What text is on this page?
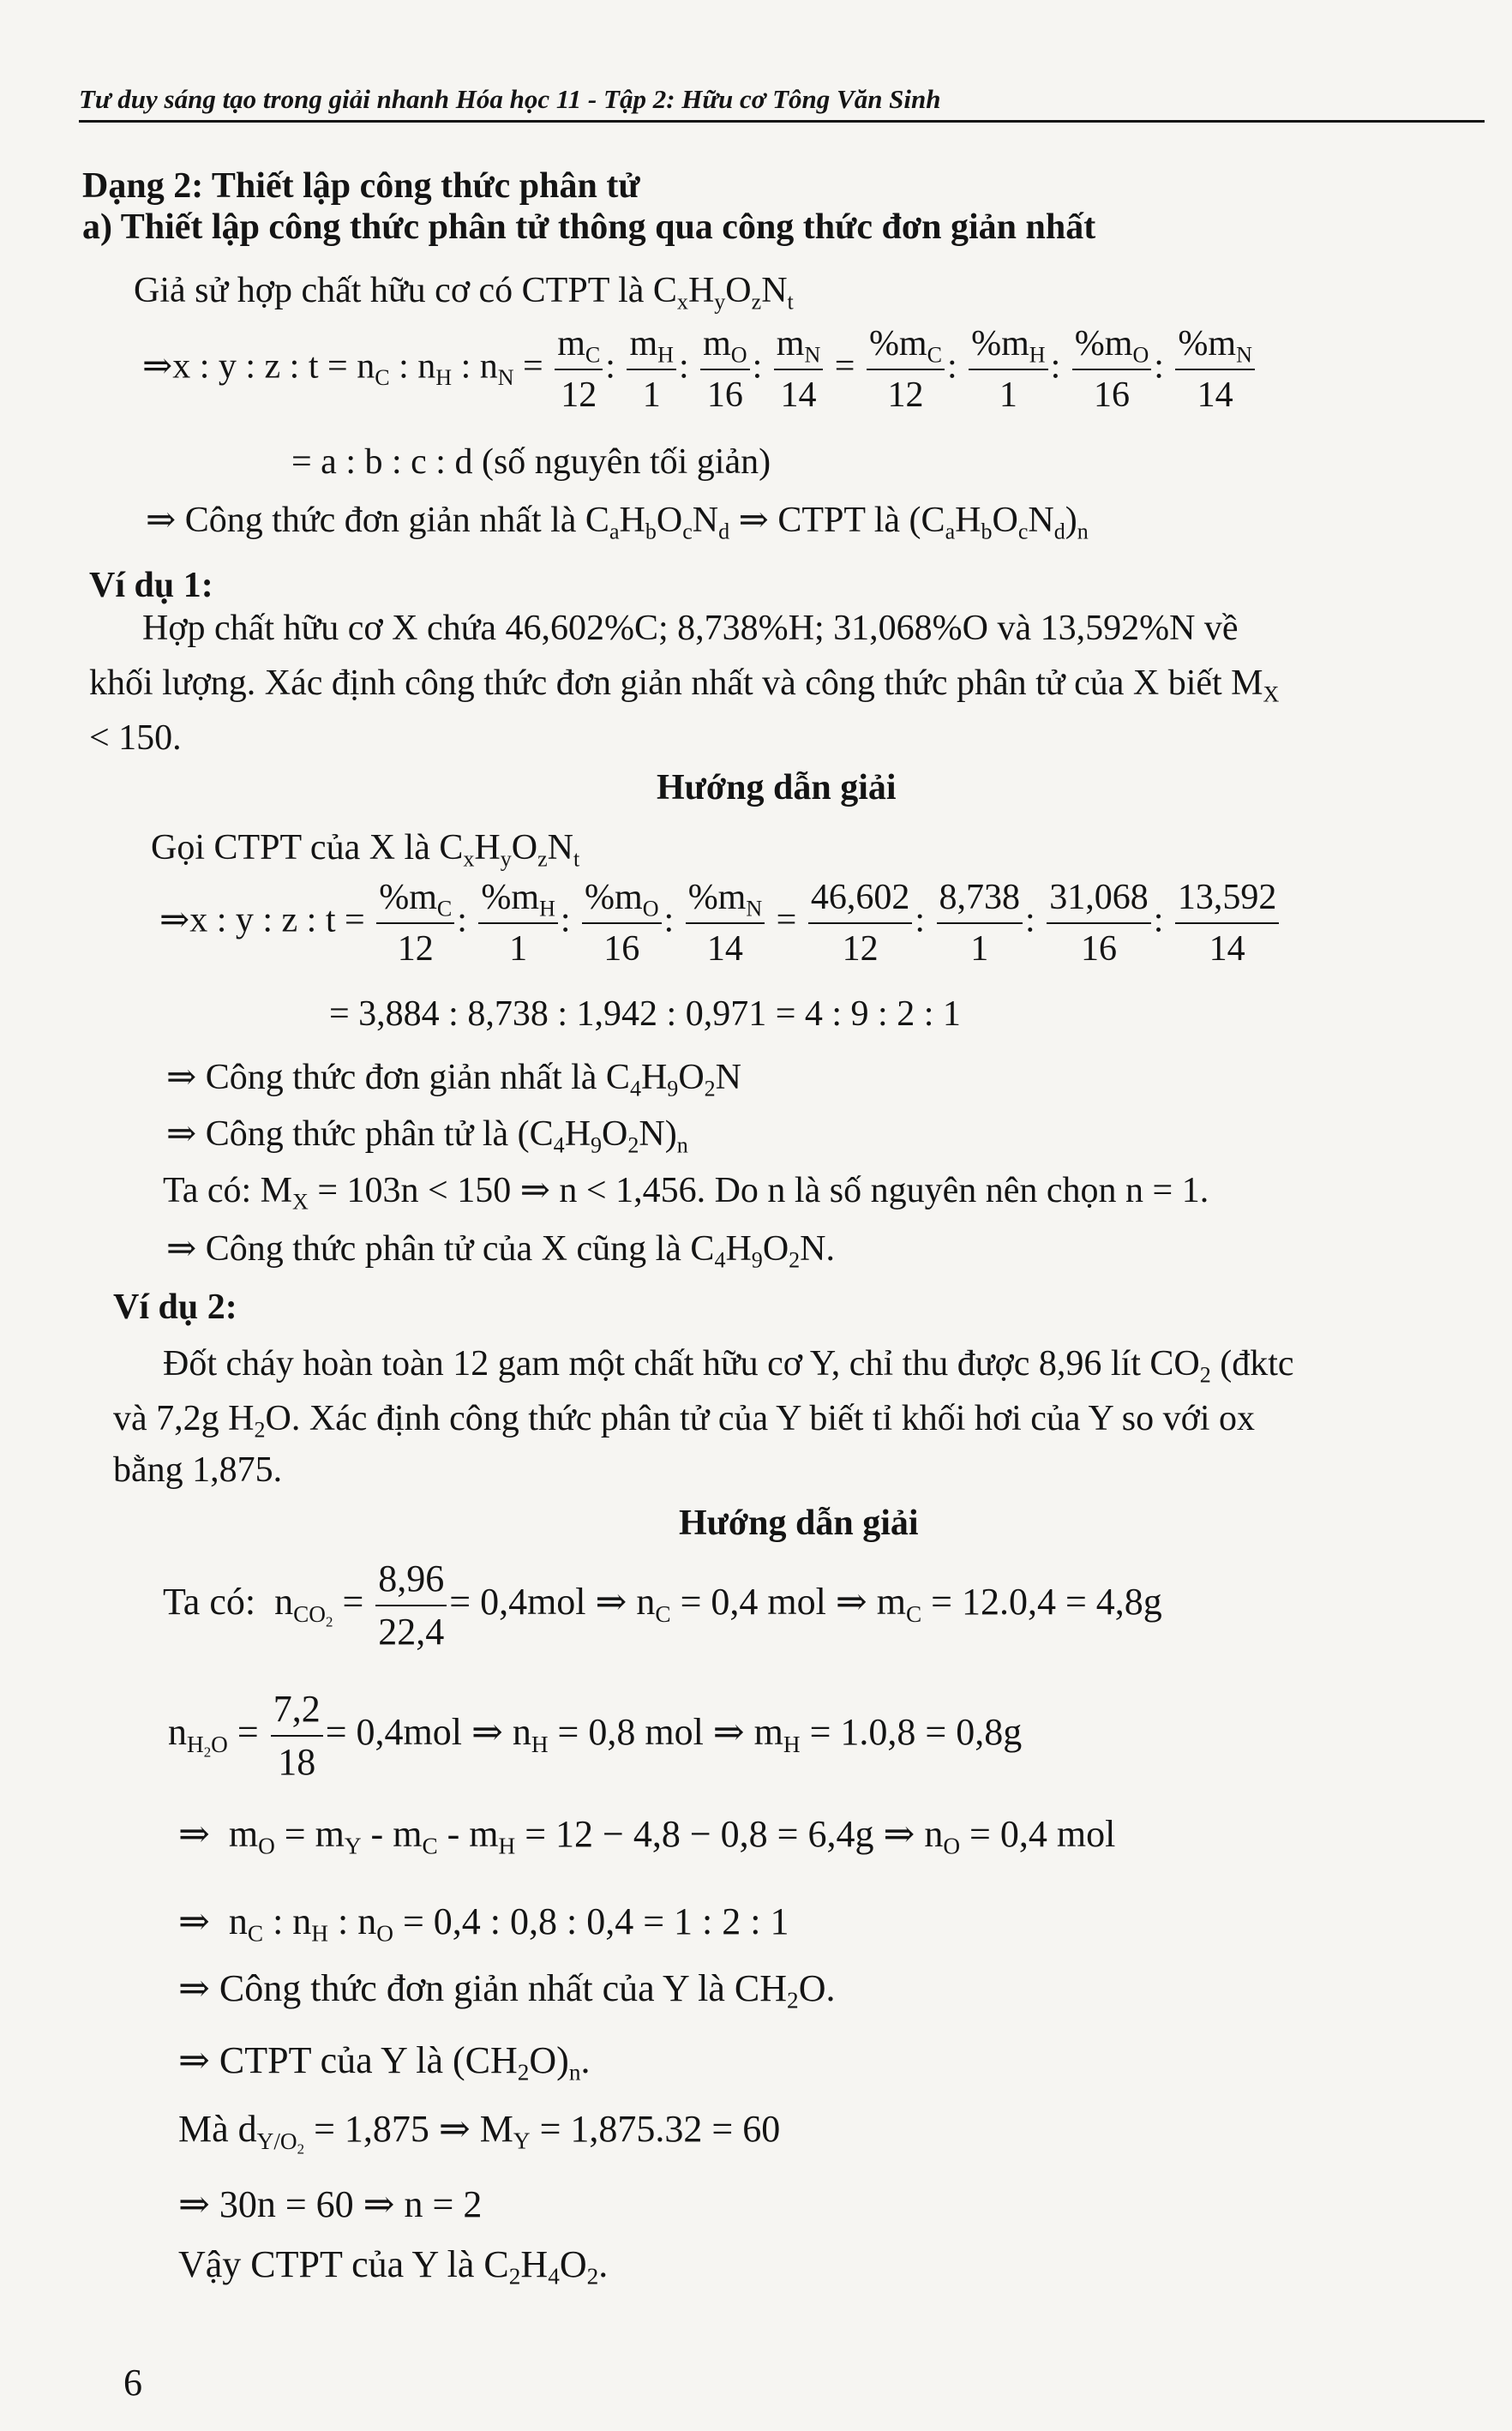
Tư duy sáng tạo trong giải nhanh Hóa học 11 - Tập 2: Hữu cơ Tông Văn Sinh
Dạng 2: Thiết lập công thức phân tử
a) Thiết lập công thức phân tử thông qua công thức đơn giản nhất
Giả sử hợp chất hữu cơ có CTPT là $C_xH_yO_zN_t$
⇒x : y : z : $t = n_C$ : $n_H$ : $n_N = \frac{m_C}{12}$ : $\frac{m_H}{1}$ : $\frac{m_O}{16}$ : $\frac{m_N}{14} = \frac{\%m_C}{12}$ : $\frac{\%m_H}{1}$ : $\frac{\%m_O}{16}$ : $\frac{\%m_N}{14}$
= a : b : c : d (số nguyên tối giản)
⇒ Công thức đơn giản nhất là $C_aH_bO_cN_d$ ⇒ CTPT là $(C_aH_bO_cN_d)_n$
Ví dụ 1:
Hợp chất hữu cơ X chứa 46,602%C; 8,738%H; 31,068%O và 13,592%N về
khối lượng. Xác định công thức đơn giản nhất và công thức phân tử của X biết $M_X$
< 150.
Hướng dẫn giải
Gọi CTPT của X là $C_xH_yO_zN_t$
⇒x : y : z : $t = \frac{\%m_C}{12}$ : $\frac{\%m_H}{1}$ : $\frac{\%m_O}{16}$ : $\frac{\%m_N}{14} = \frac{46,602}{12}$ : $\frac{8,738}{1}$ : $\frac{31,068}{16}$ : $\frac{13,592}{14}$
= 3,884 : 8,738 : 1,942 : 0,971 = 4 : 9 : 2 : 1
⇒ Công thức đơn giản nhất là $C_4H_9O_2N$
⇒ Công thức phân tử là $(C_4H_9O_2N)_n$
Ta có: $M_X = 103n < 150$ ⇒ n < 1,456. Do n là số nguyên nên chọn n = 1.
⇒ Công thức phân tử của X cũng là $C_4H_9O_2N$.
Ví dụ 2:
Đốt cháy hoàn toàn 12 gam một chất hữu cơ Y, chỉ thu được 8,96 lít $CO_2$ (đktc
và 7,2g $H_2O$. Xác định công thức phân tử của Y biết tỉ khối hơi của Y so với ox
bằng 1,875.
Hướng dẫn giải
Ta có:  $n_{CO_2} = \frac{8,96}{22,4} = 0,4mol$ ⇒ $n_C = 0,4$ mol ⇒ $m_C = 12.0,4 = 4,8g$
$n_{H_2O} = \frac{7,2}{18} = 0,4mol$ ⇒ $n_H = 0,8$ mol ⇒ $m_H = 1.0,8 = 0,8g$
⇒  $m_O = m_Y - m_C - m_H = 12 - 4,8 - 0,8 = 6,4g$ ⇒ $n_O = 0,4$ mol
⇒  $n_C$ : $n_H$ : $n_O = 0,4$ : 0,8 : 0,4 = 1 : 2 : 1
⇒ Công thức đơn giản nhất của Y là $CH_2O$.
⇒ CTPT của Y là $(CH_2O)_n$.
Mà $d_{Y/O_2} = 1,875$ ⇒ $M_Y = 1,875.32 = 60$
⇒ 30n = 60 ⇒ n = 2
Vậy CTPT của Y là $C_2H_4O_2$.
6
